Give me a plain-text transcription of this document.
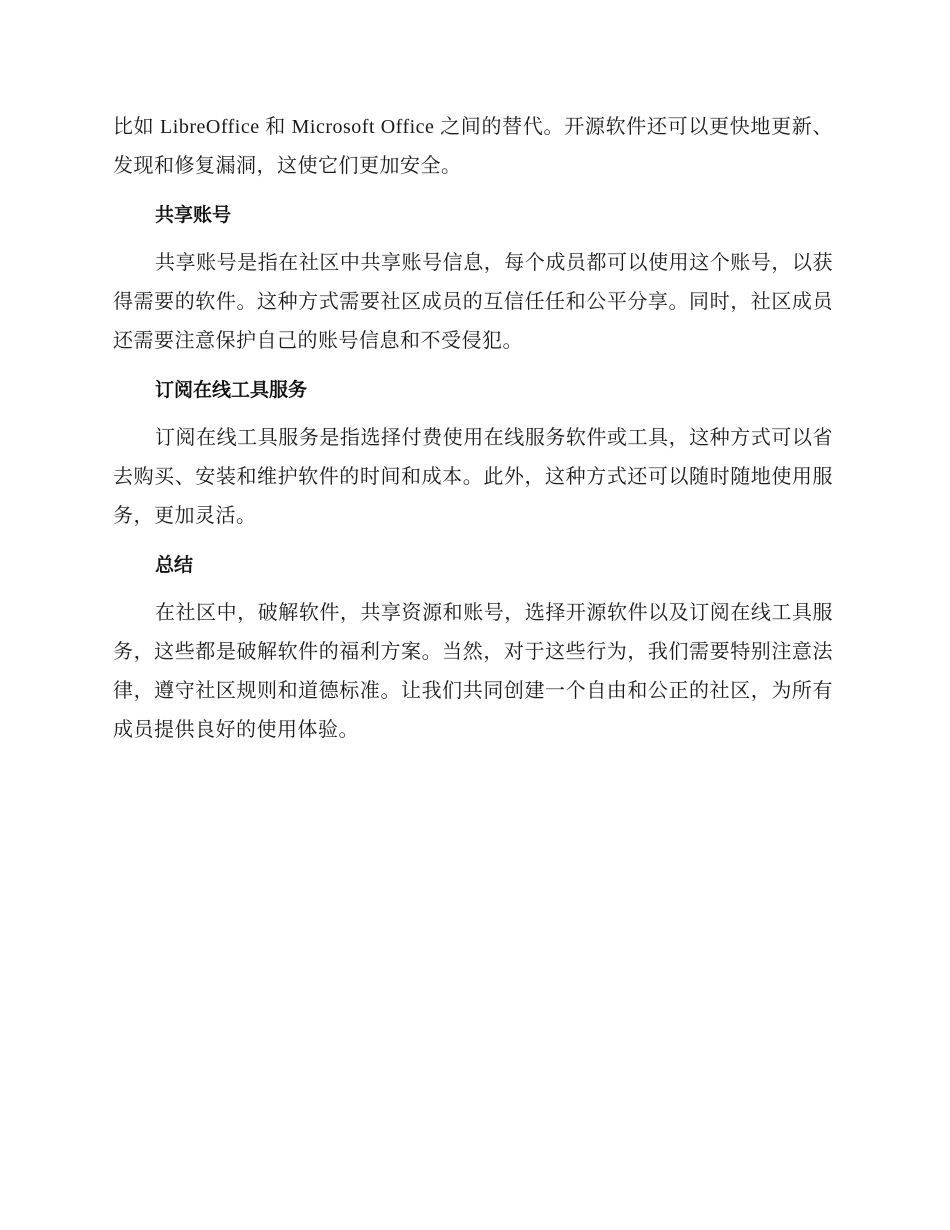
比如 LibreOffice 和 Microsoft Office 之间的替代。开源软件还可以更快地更新、发现和修复漏洞，这使它们更加安全。

共享账号

共享账号是指在社区中共享账号信息，每个成员都可以使用这个账号，以获得需要的软件。这种方式需要社区成员的互信任任和公平分享。同时，社区成员还需要注意保护自己的账号信息和不受侵犯。

订阅在线工具服务

订阅在线工具服务是指选择付费使用在线服务软件或工具，这种方式可以省去购买、安装和维护软件的时间和成本。此外，这种方式还可以随时随地使用服务，更加灵活。

总结

在社区中，破解软件，共享资源和账号，选择开源软件以及订阅在线工具服务，这些都是破解软件的福利方案。当然，对于这些行为，我们需要特别注意法律，遵守社区规则和道德标准。让我们共同创建一个自由和公正的社区，为所有成员提供良好的使用体验。
